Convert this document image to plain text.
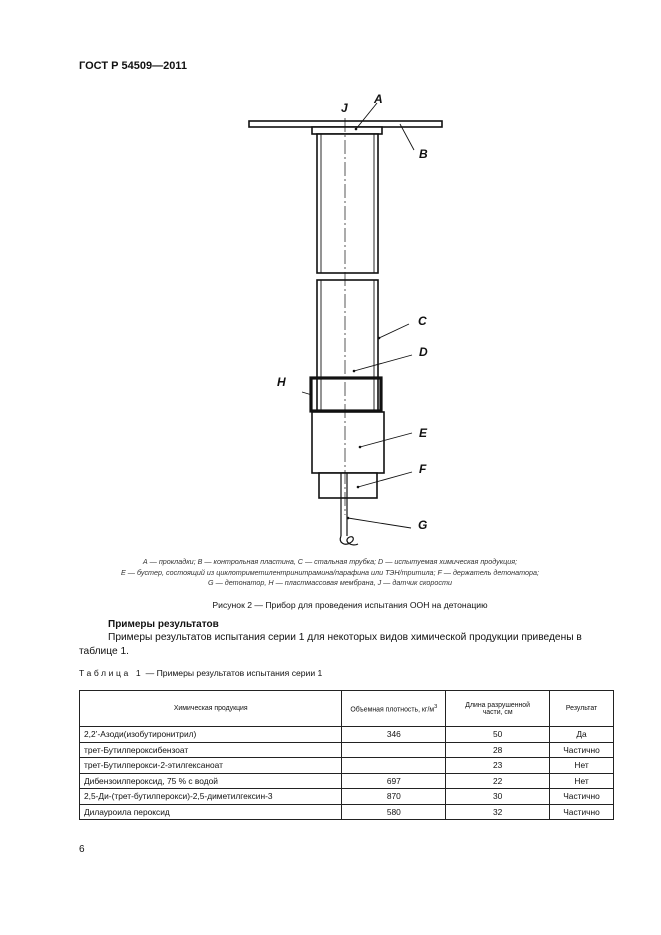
ГОСТ Р 54509—2011
J
A
B
C
D
H
E
F
G
А — прокладки; B — контрольная пластина, C — стальная трубка; D — испытуемая химическая продукция;
Е — бустер, состоящий из циклотриметилентринитрамина/парафина или ТЭН/тритила; F — держатель детонатора;
G — детонатор, H — пластмассовая мембрана, J — датчик скорости
Рисунок 2 — Прибор для проведения испытания ООН на детонацию
Примеры результатов
Примеры результатов испытания серии 1 для некоторых видов химической продукции приведены в таблице 1.
Таблица 1 — Примеры результатов испытания серии 1
Химическая продукция	Объемная плотность, $кг/м^3$	Длина разрушенной
части, см	Результат
2,2’-Азоди(изобутиронитрил)	346	50	Да
трет-Бутилпероксибензоат		28	Частично
трет-Бутилперокси-2-этилгексаноат		23	Нет
Дибензоилпероксид, 75 % с водой	697	22	Нет
2,5-Ди-(трет-бутилперокси)-2,5-диметилгексин-3	870	30	Частично
Дилауроила пероксид	580	32	Частично
6
